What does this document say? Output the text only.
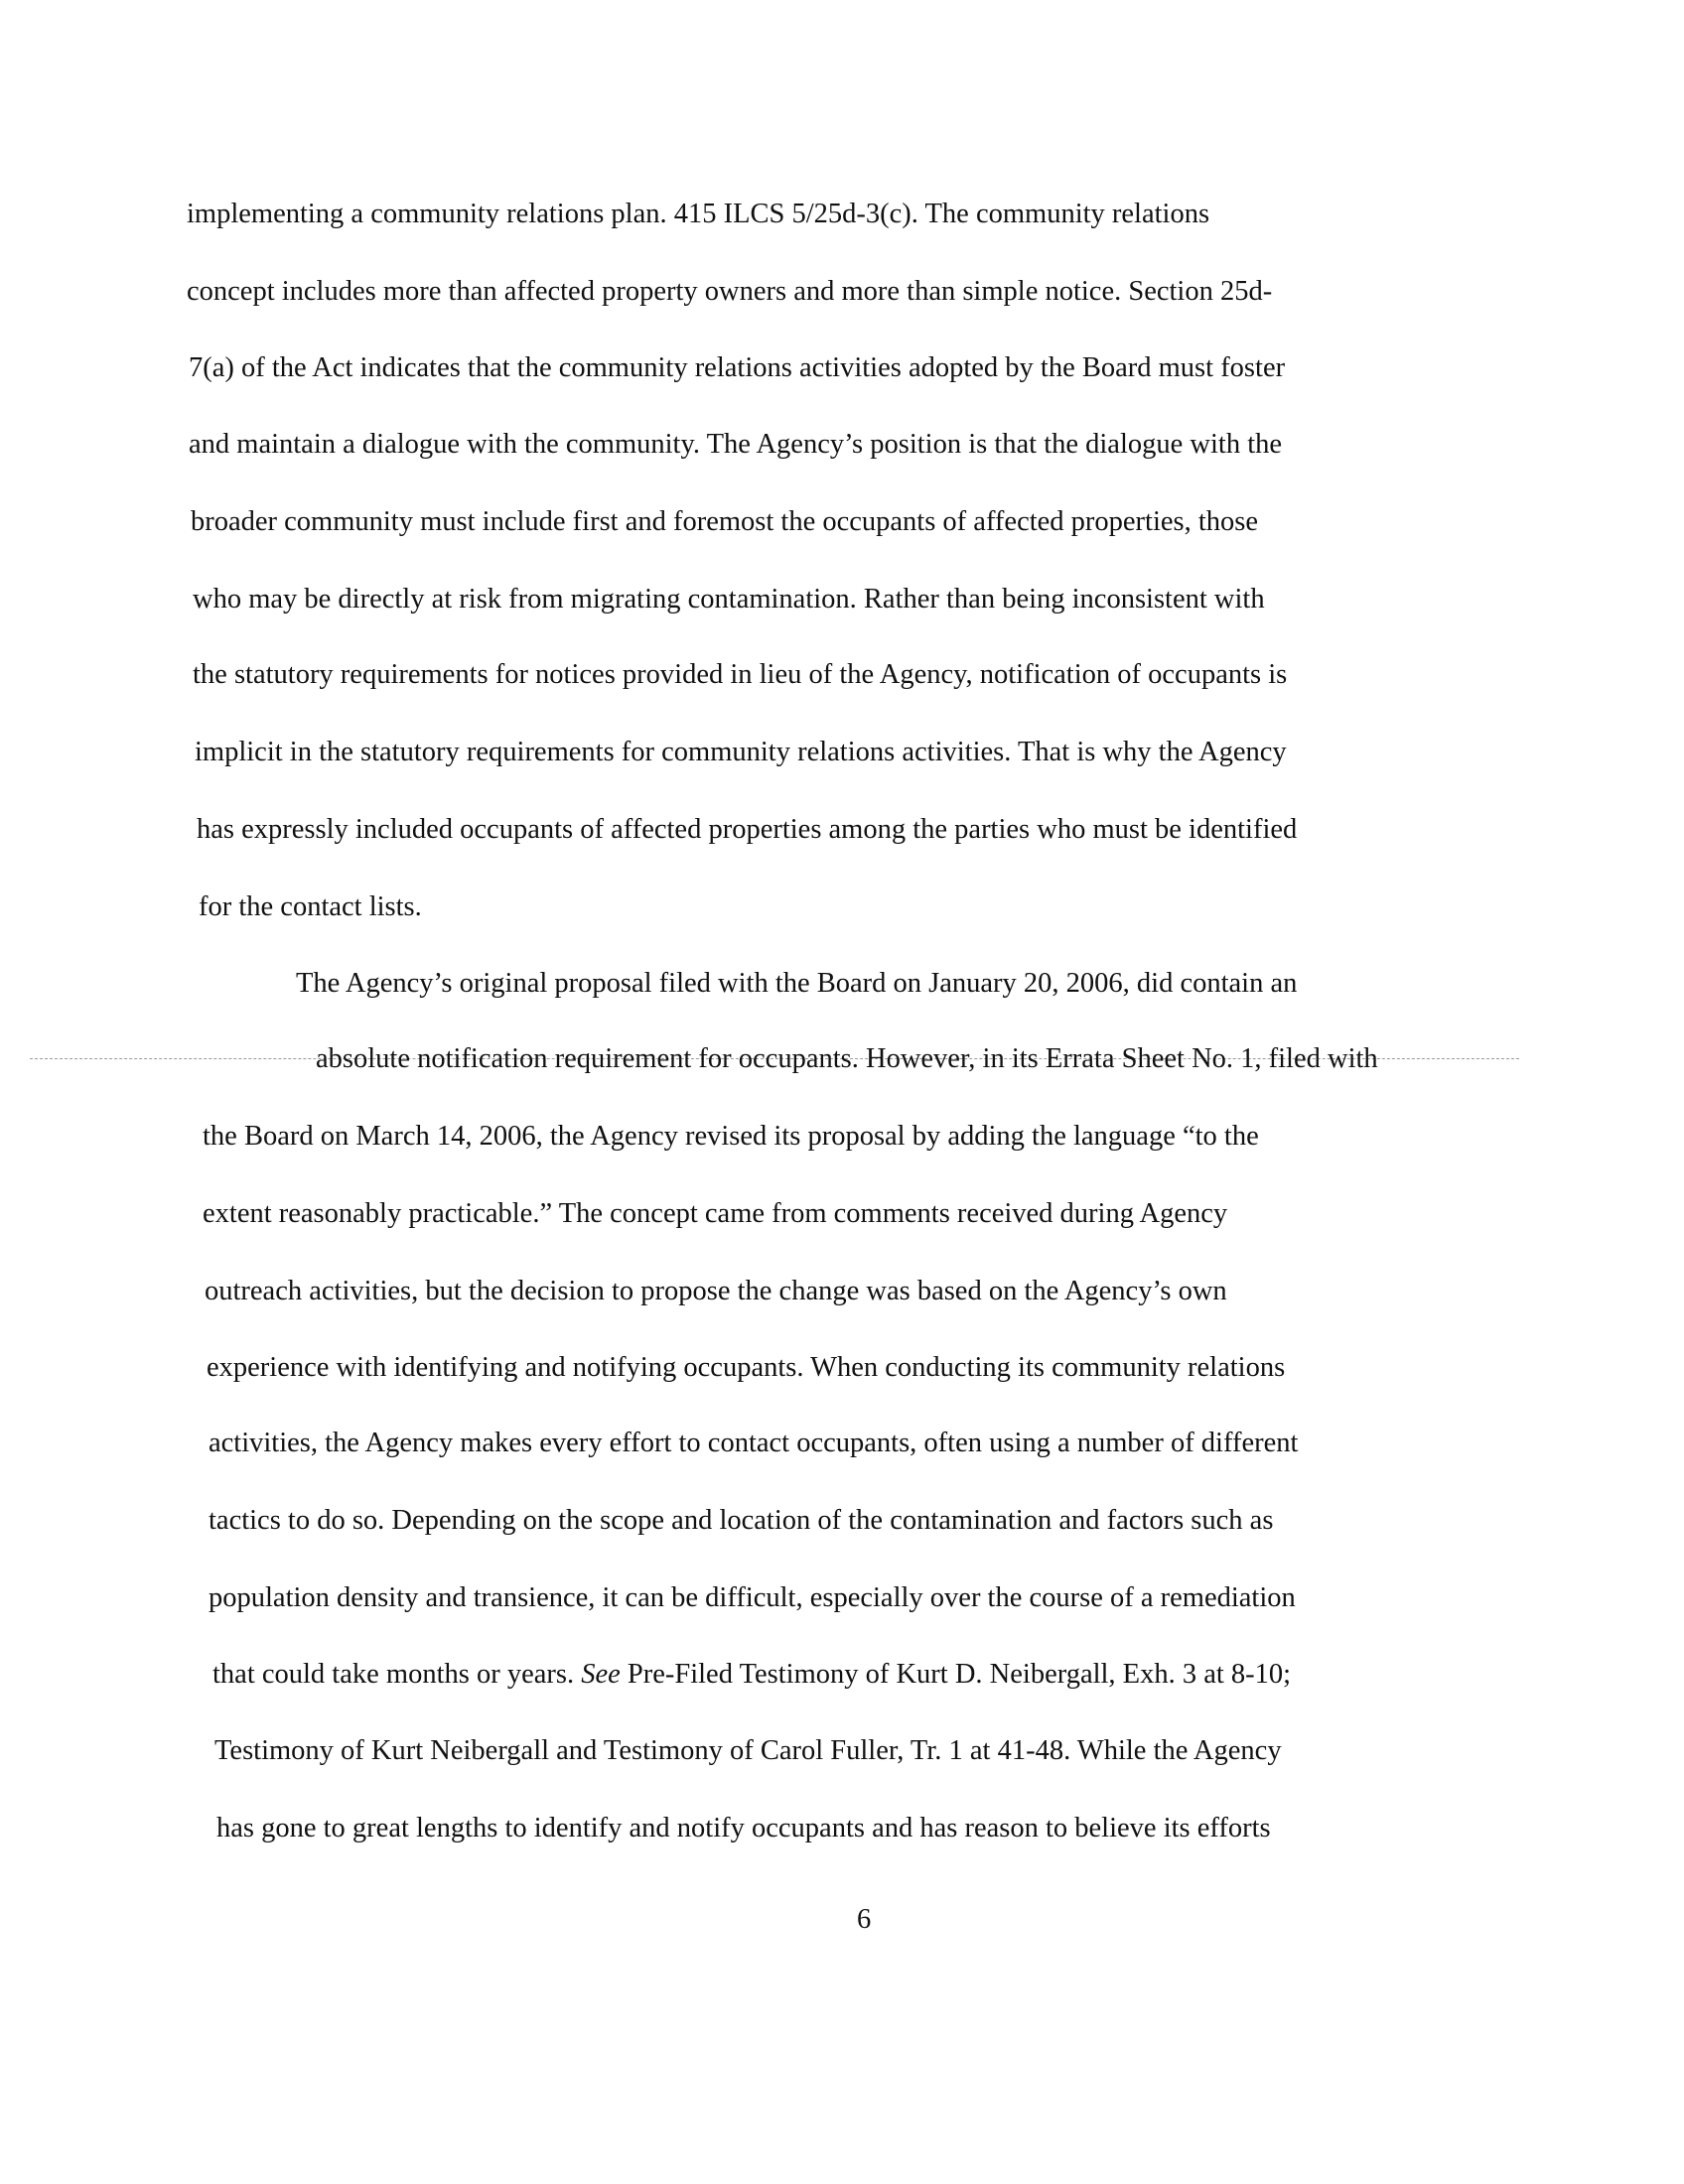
implementing a community relations plan. 415 ILCS 5/25d-3(c). The community relations

concept includes more than affected property owners and more than simple notice. Section 25d-

7(a) of the Act indicates that the community relations activities adopted by the Board must foster

and maintain a dialogue with the community. The Agency’s position is that the dialogue with the

broader community must include first and foremost the occupants of affected properties, those

who may be directly at risk from migrating contamination. Rather than being inconsistent with

the statutory requirements for notices provided in lieu of the Agency, notification of occupants is

implicit in the statutory requirements for community relations activities. That is why the Agency

has expressly included occupants of affected properties among the parties who must be identified

for the contact lists.

The Agency’s original proposal filed with the Board on January 20, 2006, did contain an

absolute notification requirement for occupants. However, in its Errata Sheet No. 1, filed with

the Board on March 14, 2006, the Agency revised its proposal by adding the language “to the

extent reasonably practicable.” The concept came from comments received during Agency

outreach activities, but the decision to propose the change was based on the Agency’s own

experience with identifying and notifying occupants. When conducting its community relations

activities, the Agency makes every effort to contact occupants, often using a number of different

tactics to do so. Depending on the scope and location of the contamination and factors such as

population density and transience, it can be difficult, especially over the course of a remediation

that could take months or years. See Pre-Filed Testimony of Kurt D. Neibergall, Exh. 3 at 8-10;

Testimony of Kurt Neibergall and Testimony of Carol Fuller, Tr. 1 at 41-48. While the Agency

has gone to great lengths to identify and notify occupants and has reason to believe its efforts

6
